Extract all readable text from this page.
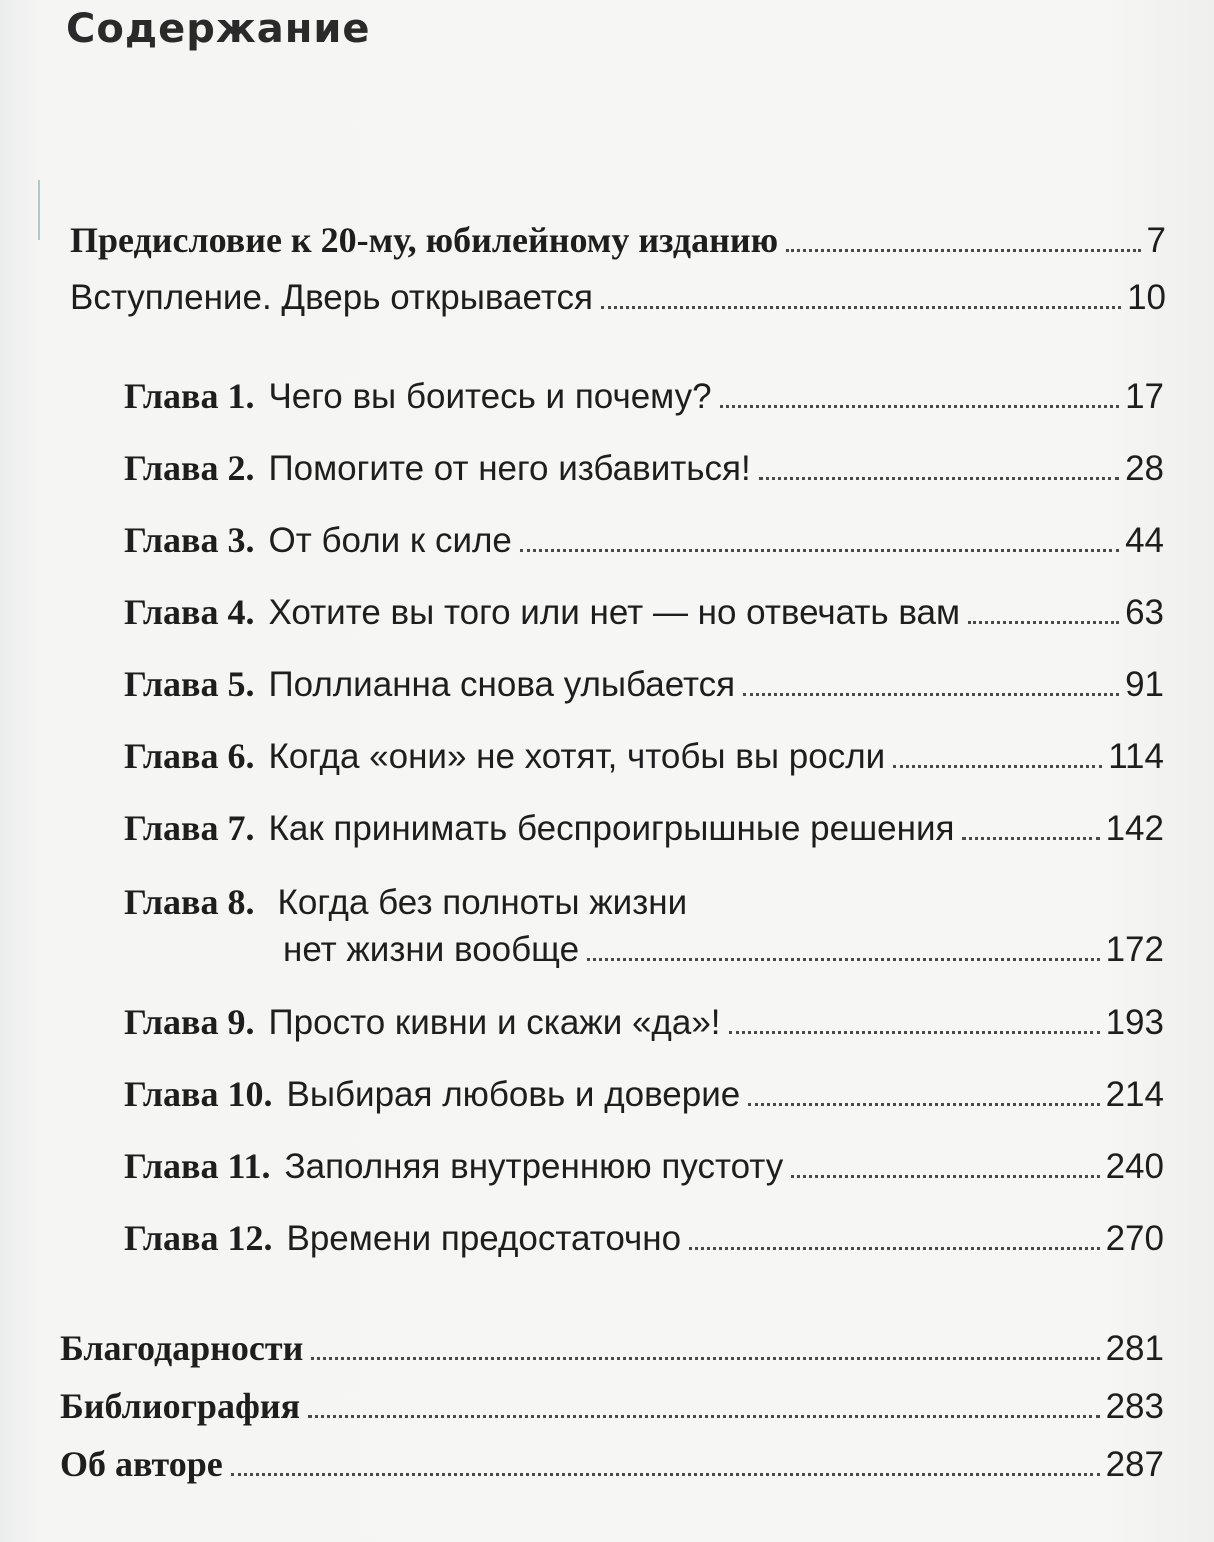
Содержание
Предисловие к 20-му, юбилейному изданию	7
Вступление. Дверь открывается	10
Глава 1. Чего вы боитесь и почему?	17
Глава 2. Помогите от него избавиться!	28
Глава 3. От боли к силе	44
Глава 4. Хотите вы того или нет — но отвечать вам	63
Глава 5. Поллианна снова улыбается	91
Глава 6. Когда «они» не хотят, чтобы вы росли	114
Глава 7. Как принимать беспроигрышные решения	142
Глава 8. Когда без полноты жизни
нет жизни вообще	172
Глава 9. Просто кивни и скажи «да»!	193
Глава 10. Выбирая любовь и доверие	214
Глава 11. Заполняя внутреннюю пустоту	240
Глава 12. Времени предостаточно	270
Благодарности	281
Библиография	283
Об авторе	287
